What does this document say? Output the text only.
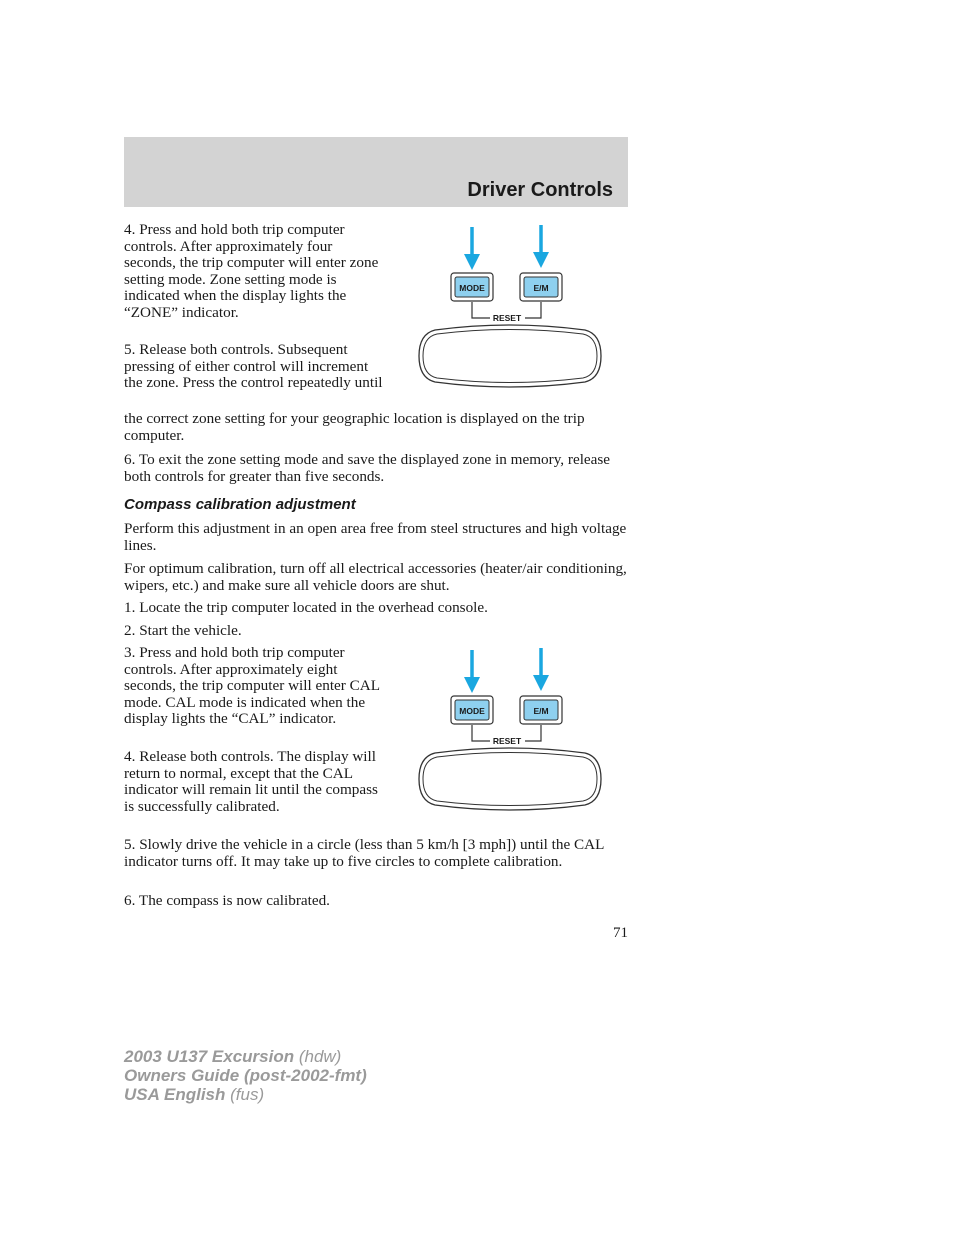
Driver Controls

4. Press and hold both trip computer controls. After approximately four seconds, the trip computer will enter zone setting mode. Zone setting mode is indicated when the display lights the “ZONE” indicator.

5. Release both controls. Subsequent pressing of either control will increment the zone. Press the control repeatedly until

the correct zone setting for your geographic location is displayed on the trip computer.

6. To exit the zone setting mode and save the displayed zone in memory, release both controls for greater than five seconds.

MODE	E/M
RESET
Compass calibration adjustment

Perform this adjustment in an open area free from steel structures and high voltage lines.

For optimum calibration, turn off all electrical accessories (heater/air conditioning, wipers, etc.) and make sure all vehicle doors are shut.

1. Locate the trip computer located in the overhead console.

2. Start the vehicle.

3. Press and hold both trip computer controls. After approximately eight seconds, the trip computer will enter CAL mode. CAL mode is indicated when the display lights the “CAL” indicator.

4. Release both controls. The display will return to normal, except that the CAL indicator will remain lit until the compass is successfully calibrated.

5. Slowly drive the vehicle in a circle (less than 5 km/h [3 mph]) until the CAL indicator turns off. It may take up to five circles to complete calibration.

6. The compass is now calibrated.

MODE	E/M
RESET
71
2003 U137 Excursion (hdw)
Owners Guide (post-2002-fmt)
USA English (fus)
